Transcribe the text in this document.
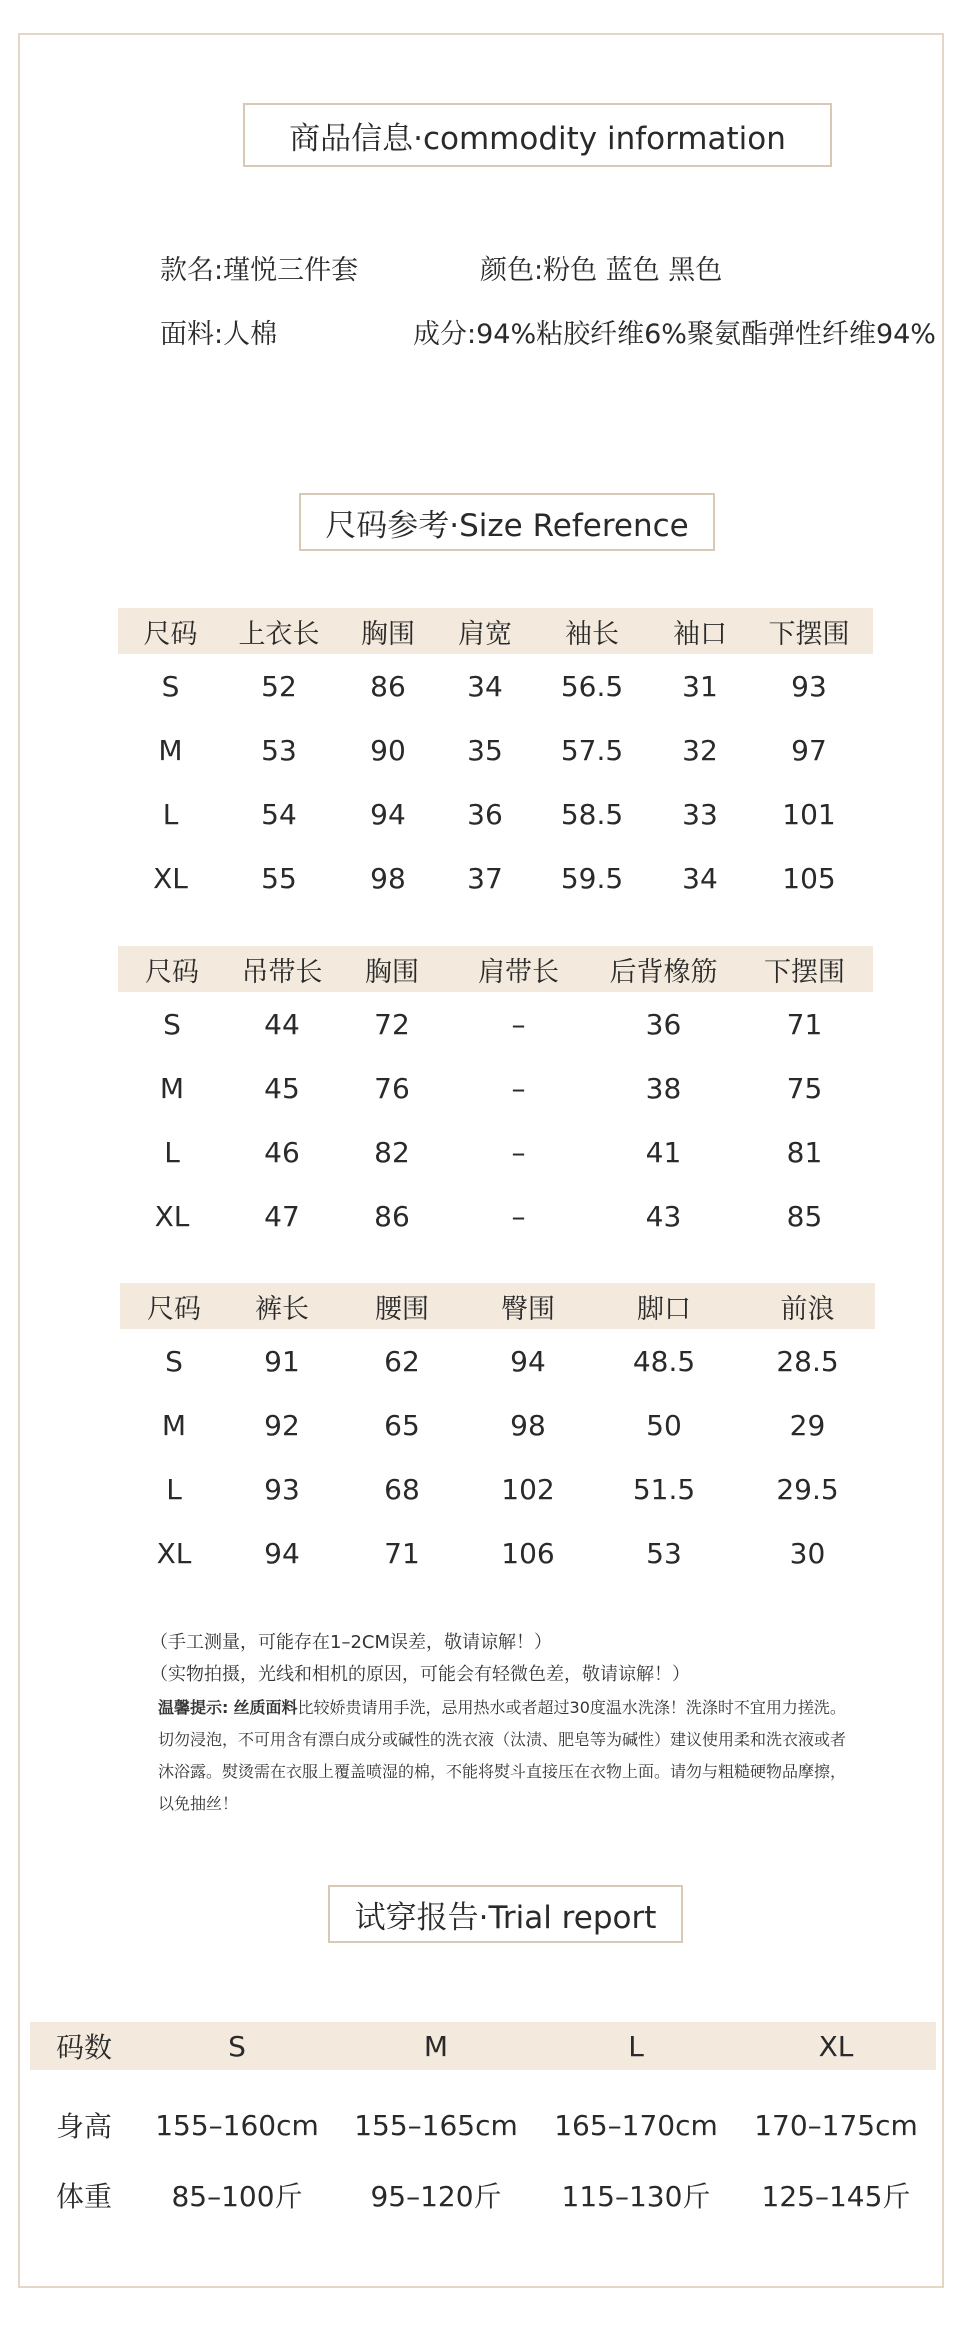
商品信息·commodity information
款名:瑾悦三件套	颜色:粉色 蓝色 黑色
面料:人棉	成分:94%粘胶纤维6%聚氨酯弹性纤维94%
尺码参考·Size Reference
尺码	上衣长	胸围	肩宽	袖长	袖口	下摆围
S	52	86	34	56.5	31	93
M	53	90	35	57.5	32	97
L	54	94	36	58.5	33	101
XL	55	98	37	59.5	34	105
尺码	吊带长	胸围	肩带长	后背橡筋	下摆围
S	44	72	–	36	71
M	45	76	–	38	75
L	46	82	–	41	81
XL	47	86	–	43	85
尺码	裤长	腰围	臀围	脚口	前浪
S	91	62	94	48.5	28.5
M	92	65	98	50	29
L	93	68	102	51.5	29.5
XL	94	71	106	53	30
（手工测量，可能存在1–2CM误差，敬请谅解！）
（实物拍摄，光线和相机的原因，可能会有轻微色差，敬请谅解！）
温馨提示: 丝质面料比较娇贵请用手洗，忌用热水或者超过30度温水洗涤！洗涤时不宜用力搓洗。切勿浸泡，不可用含有漂白成分或碱性的洗衣液（汰渍、肥皂等为碱性）建议使用柔和洗衣液或者沐浴露。熨烫需在衣服上覆盖喷湿的棉，不能将熨斗直接压在衣物上面。请勿与粗糙硬物品摩擦，以免抽丝！
试穿报告·Trial report
码数	S	M	L	XL

身高	155–160cm	155–165cm	165–170cm	170–175cm
体重	85–100斤	95–120斤	115–130斤	125–145斤
